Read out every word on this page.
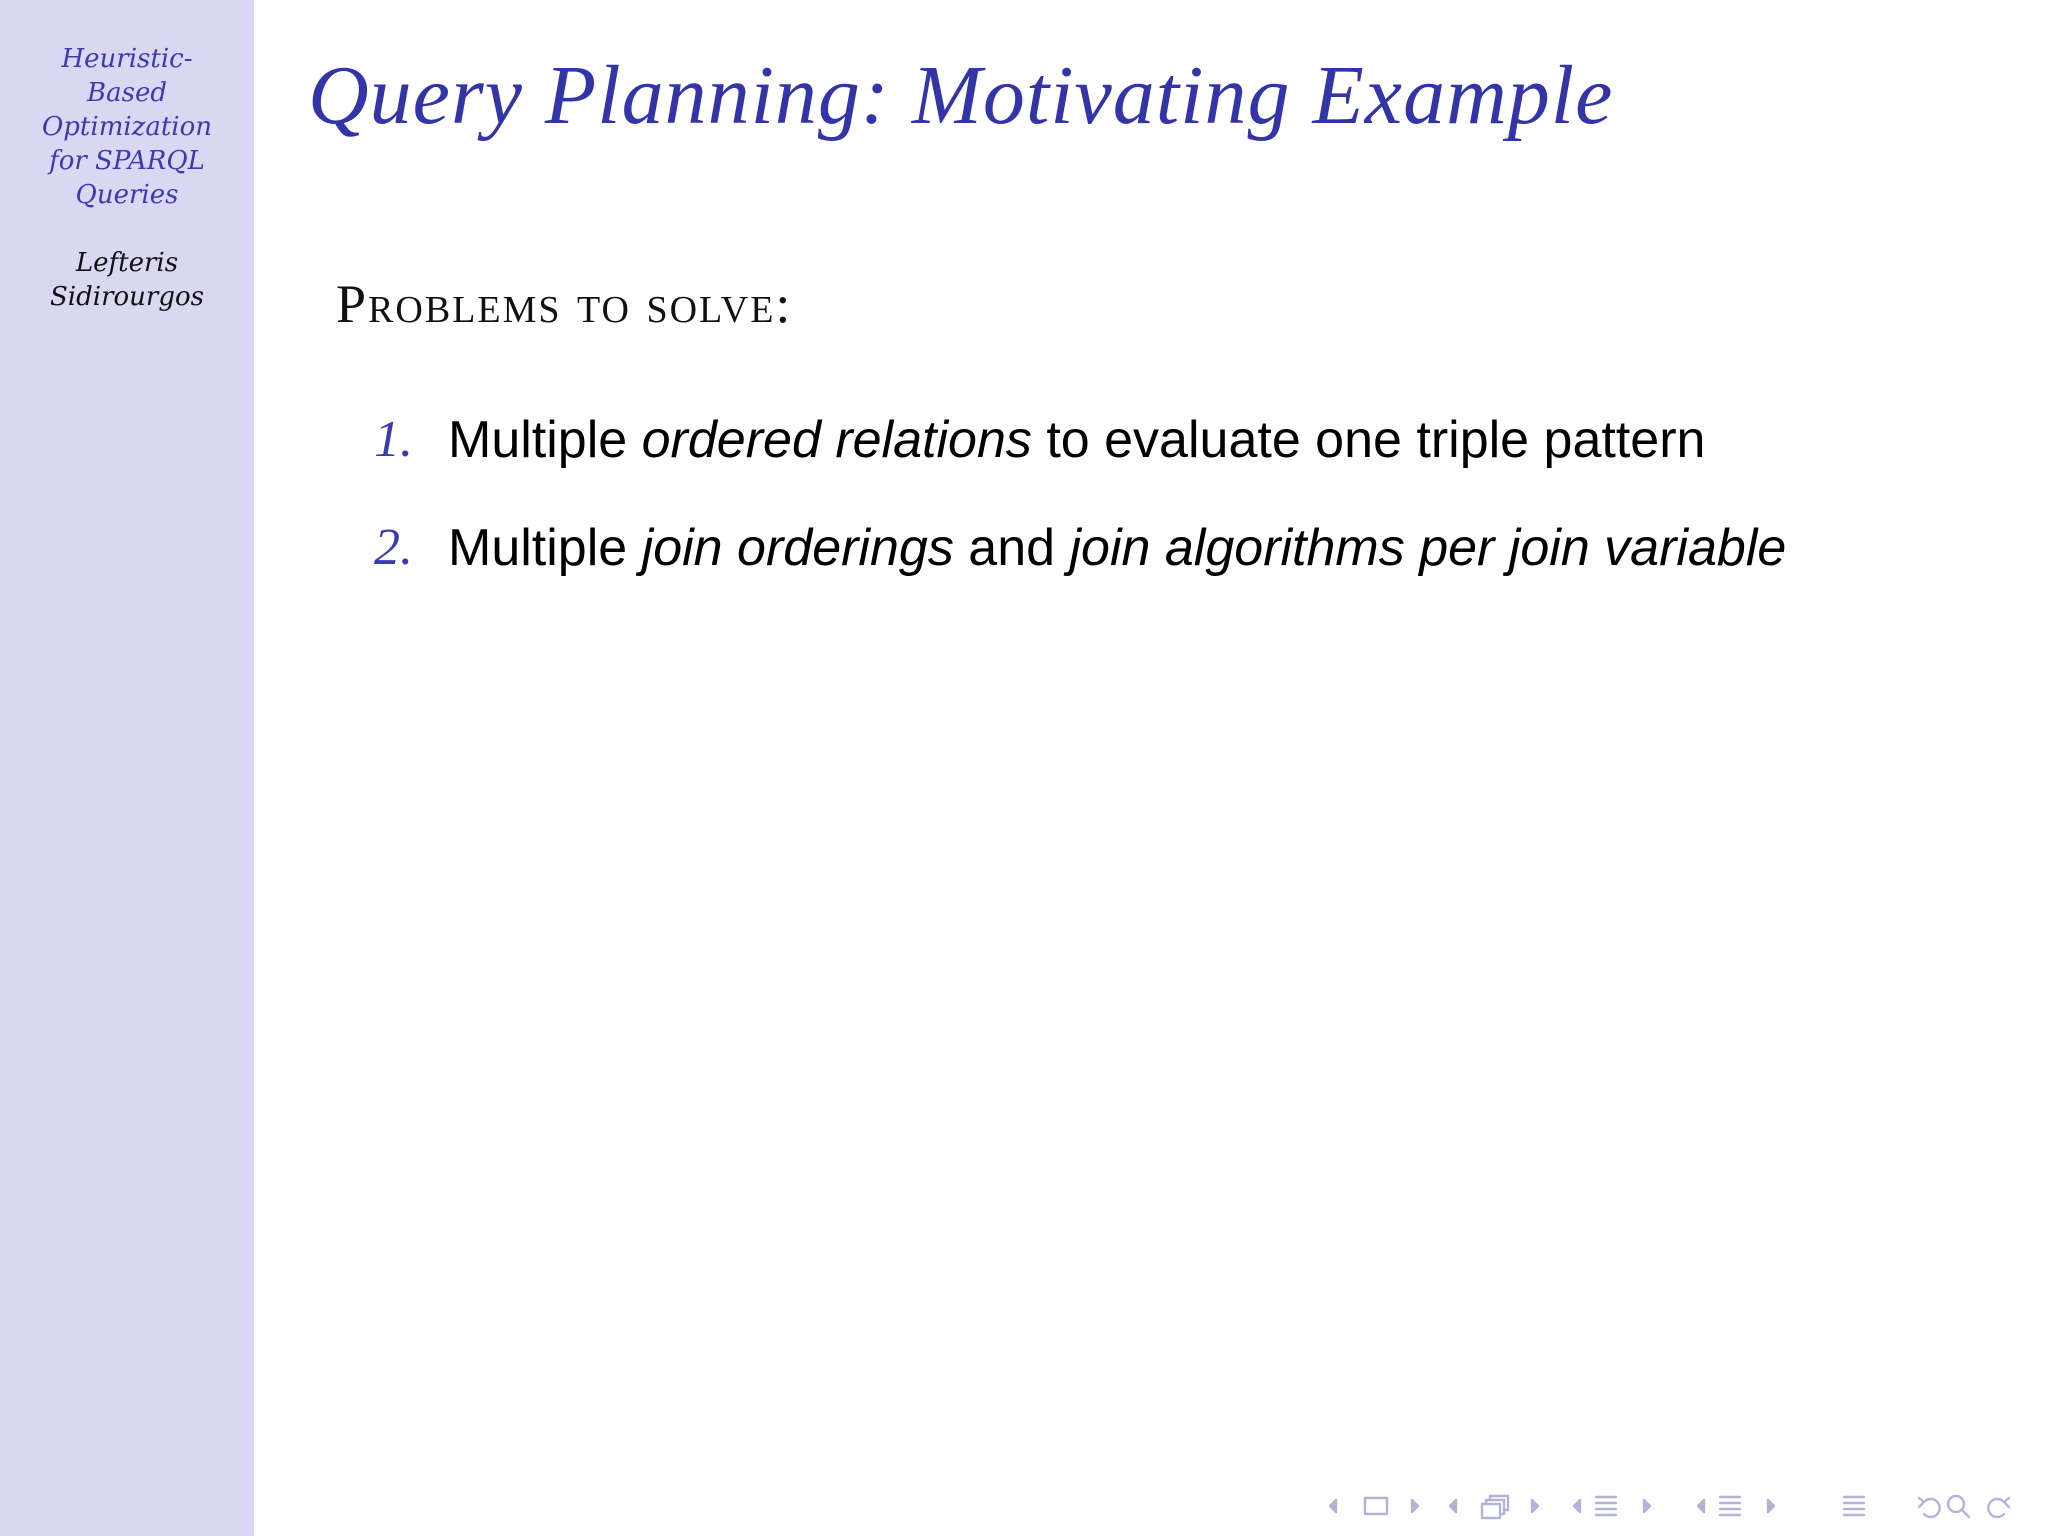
Heuristic-
Based
Optimization
for SPARQL
Queries
Lefteris
Sidirourgos
Query Planning: Motivating Example
Problems to solve:
1. Multiple ordered relations to evaluate one triple pattern
2. Multiple join orderings and join algorithms per join variable
